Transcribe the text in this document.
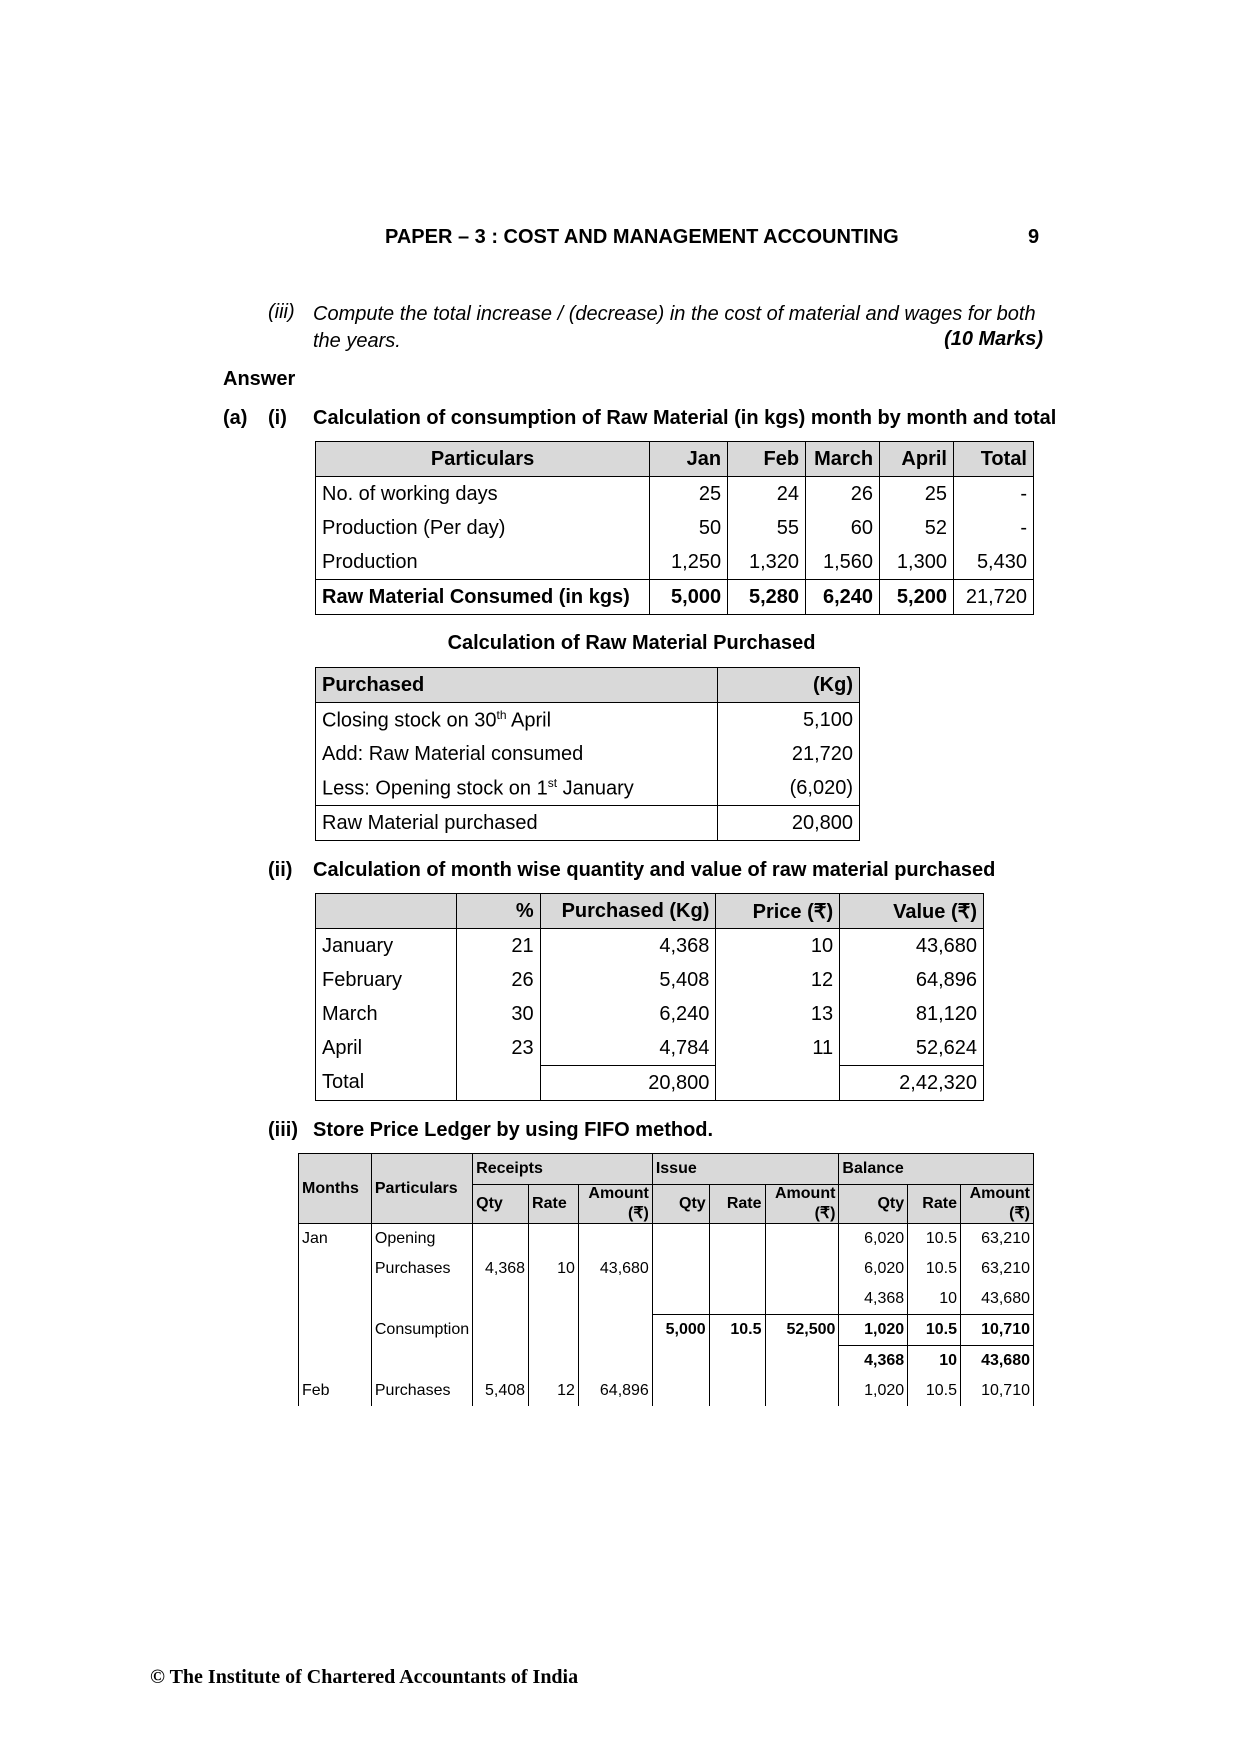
PAPER – 3 : COST AND MANAGEMENT ACCOUNTING	9
(iii) Compute the total increase / (decrease) in the cost of material and wages for both the years.	(10 Marks)
Answer
(a) (i) Calculation of consumption of Raw Material (in kgs) month by month and total
Particulars	Jan	Feb	March	April	Total
No. of working days	25	24	26	25	-
Production (Per day)	50	55	60	52	-
Production	1,250	1,320	1,560	1,300	5,430
Raw Material Consumed (in kgs)	5,000	5,280	6,240	5,200	21,720
Calculation of Raw Material Purchased
Purchased	(Kg)
Closing stock on 30th April	5,100
Add: Raw Material consumed	21,720
Less: Opening stock on 1st January	(6,020)
Raw Material purchased	20,800
(ii) Calculation of month wise quantity and value of raw material purchased
	%	Purchased (Kg)	Price (₹)	Value (₹)
January	21	4,368	10	43,680
February	26	5,408	12	64,896
March	30	6,240	13	81,120
April	23	4,784	11	52,624
Total		20,800		2,42,320
(iii) Store Price Ledger by using FIFO method.
Months	Particulars	Receipts			Issue			Balance		
		Qty	Rate	Amount (₹)	Qty	Rate	Amount (₹)	Qty	Rate	Amount (₹)
Jan	Opening							6,020	10.5	63,210
	Purchases	4,368	10	43,680				6,020	10.5	63,210
								4,368	10	43,680
	Consumption				5,000	10.5	52,500	1,020	10.5	10,710
								4,368	10	43,680
Feb	Purchases	5,408	12	64,896				1,020	10.5	10,710
© The Institute of Chartered Accountants of India
